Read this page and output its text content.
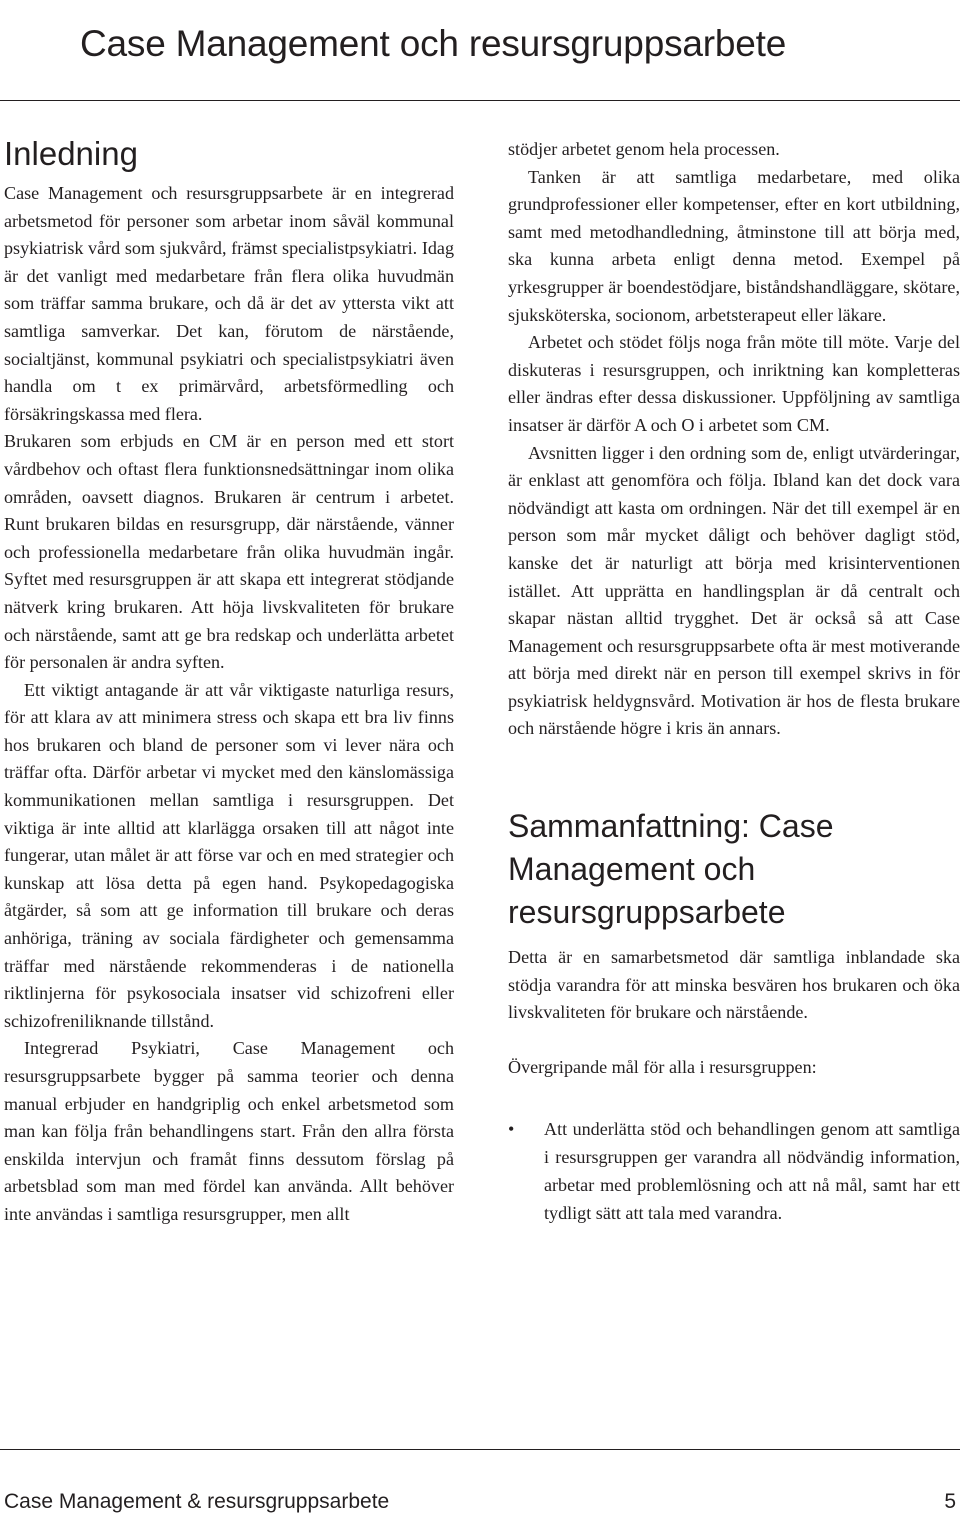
Case Management och resursgruppsarbete
Inledning

Case Management och resursgruppsarbete är en integrerad arbetsmetod för personer som arbetar inom såväl kommunal psykiatrisk vård som sjukvård, främst specialistpsykiatri. Idag är det vanligt med medarbetare från flera olika huvudmän som träffar samma brukare, och då är det av yttersta vikt att samtliga samverkar. Det kan, förutom de närstående, socialtjänst, kommunal psykiatri och specialistpsykiatri även handla om t ex primärvård, arbetsförmedling och försäkringskassa med flera.

Brukaren som erbjuds en CM är en person med ett stort vårdbehov och oftast flera funktionsnedsättningar inom olika områden, oavsett diagnos. Brukaren är centrum i arbetet. Runt brukaren bildas en resursgrupp, där närstående, vänner och professionella medarbetare från olika huvudmän ingår. Syftet med resursgruppen är att skapa ett integrerat stödjande nätverk kring brukaren. Att höja livskvaliteten för brukare och närstående, samt att ge bra redskap och underlätta arbetet för personalen är andra syften.

Ett viktigt antagande är att vår viktigaste naturliga resurs, för att klara av att minimera stress och skapa ett bra liv finns hos brukaren och bland de personer som vi lever nära och träffar ofta. Därför arbetar vi mycket med den känslomässiga kommunikationen mellan samtliga i resursgruppen. Det viktiga är inte alltid att klarlägga orsaken till att något inte fungerar, utan målet är att förse var och en med strategier och kunskap att lösa detta på egen hand. Psykopedagogiska åtgärder, så som att ge information till brukare och deras anhöriga, träning av sociala färdigheter och gemensamma träffar med närstående rekommenderas i de nationella riktlinjerna för psykosociala insatser vid schizofreni eller schizofreniliknande tillstånd.

Integrerad Psykiatri, Case Management och resursgruppsarbete bygger på samma teorier och denna manual erbjuder en handgriplig och enkel arbetsmetod som man kan följa från behandlingens start. Från den allra första enskilda intervjun och framåt finns dessutom förslag på arbetsblad som man med fördel kan använda. Allt behöver inte användas i samtliga resursgrupper, men allt

stödjer arbetet genom hela processen.

Tanken är att samtliga medarbetare, med olika grundprofessioner eller kompetenser, efter en kort utbildning, samt med metodhandledning, åtminstone till att börja med, ska kunna arbeta enligt denna metod. Exempel på yrkesgrupper är boendestödjare, biståndshandläggare, skötare, sjuksköterska, socionom, arbetsterapeut eller läkare.

Arbetet och stödet följs noga från möte till möte. Varje del diskuteras i resursgruppen, och inriktning kan kompletteras eller ändras efter dessa diskussioner. Uppföljning av samtliga insatser är därför A och O i arbetet som CM.

Avsnitten ligger i den ordning som de, enligt utvärderingar, är enklast att genomföra och följa. Ibland kan det dock vara nödvändigt att kasta om ordningen. När det till exempel är en person som mår mycket dåligt och behöver dagligt stöd, kanske det är naturligt att börja med krisinterventionen istället. Att upprätta en handlingsplan är då centralt och skapar nästan alltid trygghet. Det är också så att Case Management och resursgruppsarbete ofta är mest motiverande att börja med direkt när en person till exempel skrivs in för psykiatrisk heldygnsvård. Motivation är hos de flesta brukare och närstående högre i kris än annars.

Sammanfattning: Case Management och resursgruppsarbete

Detta är en samarbetsmetod där samtliga inblandade ska stödja varandra för att minska besvären hos brukaren och öka livskvaliteten för brukare och närstående.

Övergripande mål för alla i resursgruppen:

• Att underlätta stöd och behandlingen genom att samtliga i resursgruppen ger varandra all nödvändig information, arbetar med problemlösning och att nå mål, samt har ett tydligt sätt att tala med varandra.
Case Management & resursgruppsarbete	5
